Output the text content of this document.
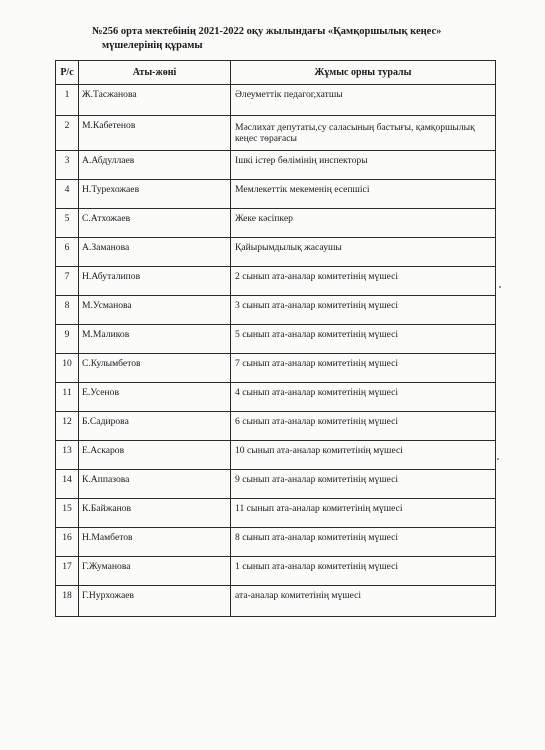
№256 орта мектебінің 2021-2022 оқу жылындағы «Қамқоршылық кеңес»
мүшелерінің құрамы
Р/с	Аты-жөні	Жұмыс орны туралы
1	Ж.Тасжанова	Әлеуметтік педагог,хатшы
2	М.Кабетенов	Мәслихат депутаты,су саласының бастығы, қамқоршылық кеңес төрағасы
3	А.Абдуллаев	Ішкі істер бөлімінің инспекторы
4	Н.Турехожаев	Мемлекеттік мекеменің есепшісі
5	С.Атхожаев	Жеке кәсіпкер
6	А.Заманова	Қайырымдылық жасаушы
7	Н.Абуталипов	2 сынып ата-аналар комитетінің мүшесі
8	М.Усманова	3 сынып ата-аналар комитетінің мүшесі
9	М.Маликов	5 сынып ата-аналар комитетінің мүшесі
10	С.Кулымбетов	7 сынып ата-аналар комитетінің мүшесі
11	Е.Усенов	4 сынып ата-аналар комитетінің мүшесі
12	Б.Садирова	6 сынып ата-аналар комитетінің мүшесі
13	Е.Аскаров	10 сынып ата-аналар комитетінің мүшесі
14	К.Аппазова	9 сынып ата-аналар комитетінің мүшесі
15	К.Байжанов	11 сынып ата-аналар комитетінің мүшесі
16	Н.Мамбетов	8 сынып ата-аналар комитетінің мүшесі
17	Г.Жуманова	1 сынып ата-аналар комитетінің мүшесі
18	Г.Нурхожаев	ата-аналар комитетінің мүшесі
